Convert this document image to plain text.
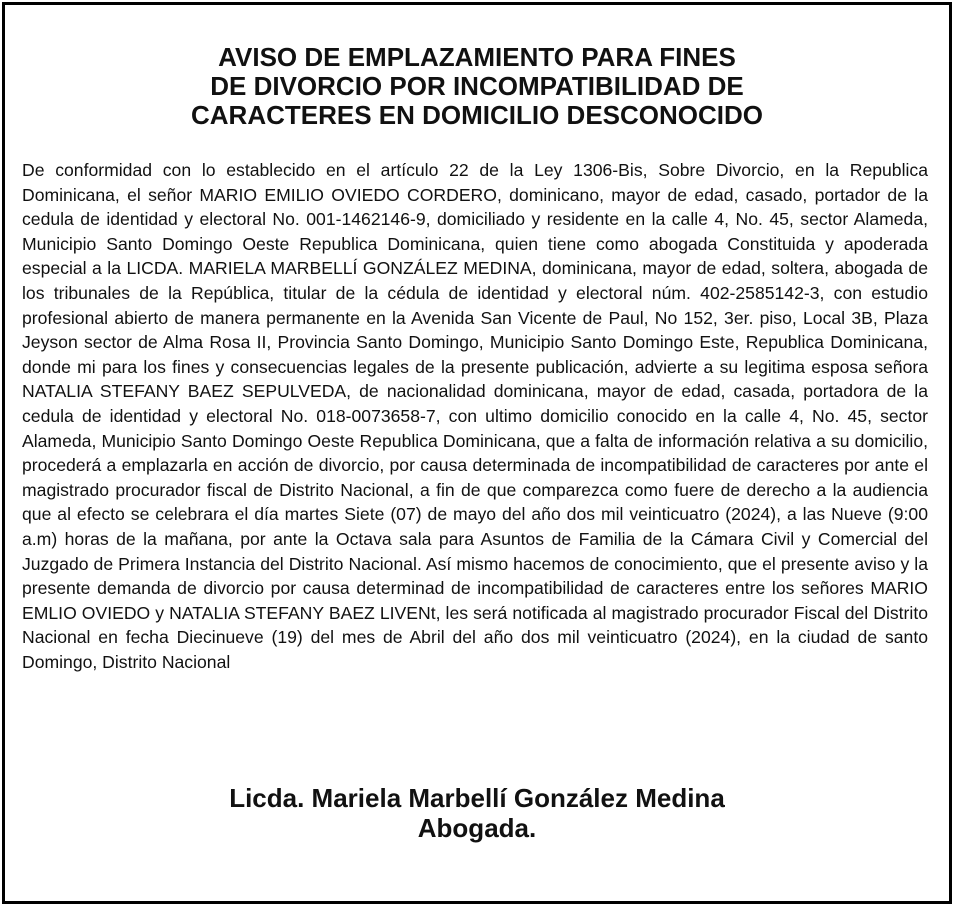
AVISO DE EMPLAZAMIENTO PARA FINES
DE DIVORCIO POR INCOMPATIBILIDAD DE
CARACTERES EN DOMICILIO DESCONOCIDO

De conformidad con lo establecido en el artículo 22 de la Ley 1306-Bis, Sobre Divorcio, en la Republica Dominicana, el señor MARIO EMILIO OVIEDO CORDERO, dominicano, mayor de edad, casado, portador de la cedula de identidad y electoral No. 001-1462146-9, domiciliado y residente en la calle 4, No. 45, sector Alameda, Municipio Santo Domingo Oeste Republica Dominicana, quien tiene como abogada Constituida y apoderada especial a la LICDA. MARIELA MARBELLÍ GONZÁLEZ MEDINA, dominicana, mayor de edad, soltera, abogada de los tribunales de la República, titular de la cédula de identidad y electoral núm. 402-2585142-3, con estudio profesional abierto de manera permanente en la Avenida San Vicente de Paul, No 152, 3er. piso, Local 3B, Plaza Jeyson sector de Alma Rosa II, Provincia Santo Domingo, Municipio Santo Domingo Este, Republica Dominicana, donde mi para los fines y consecuencias legales de la presente publicación, advierte a su legitima esposa señora NATALIA STEFANY BAEZ SEPULVEDA, de nacionalidad dominicana, mayor de edad, casada, portadora de la cedula de identidad y electoral No. 018-0073658-7, con ultimo domicilio conocido en la calle 4, No. 45, sector Alameda, Municipio Santo Domingo Oeste Republica Dominicana, que a falta de información relativa a su domicilio, procederá a emplazarla en acción de divorcio, por causa determinada de incompatibilidad de caracteres por ante el magistrado procurador fiscal de Distrito Nacional, a fin de que comparezca como fuere de derecho a la audiencia que al efecto se celebrara el día martes Siete (07) de mayo del año dos mil veinticuatro (2024), a las Nueve (9:00 a.m) horas de la mañana, por ante la Octava sala para Asuntos de Familia de la Cámara Civil y Comercial del Juzgado de Primera Instancia del Distrito Nacional. Así mismo hacemos de conocimiento, que el presente aviso y la presente demanda de divorcio por causa determinad de incompatibilidad de caracteres entre los señores MARIO EMLIO OVIEDO y NATALIA STEFANY BAEZ LIVENt, les será notificada al magistrado procurador Fiscal del Distrito Nacional en fecha Diecinueve (19) del mes de Abril del año dos mil veinticuatro (2024), en la ciudad de santo Domingo, Distrito Nacional

Licda. Mariela Marbellí González Medina
Abogada.
